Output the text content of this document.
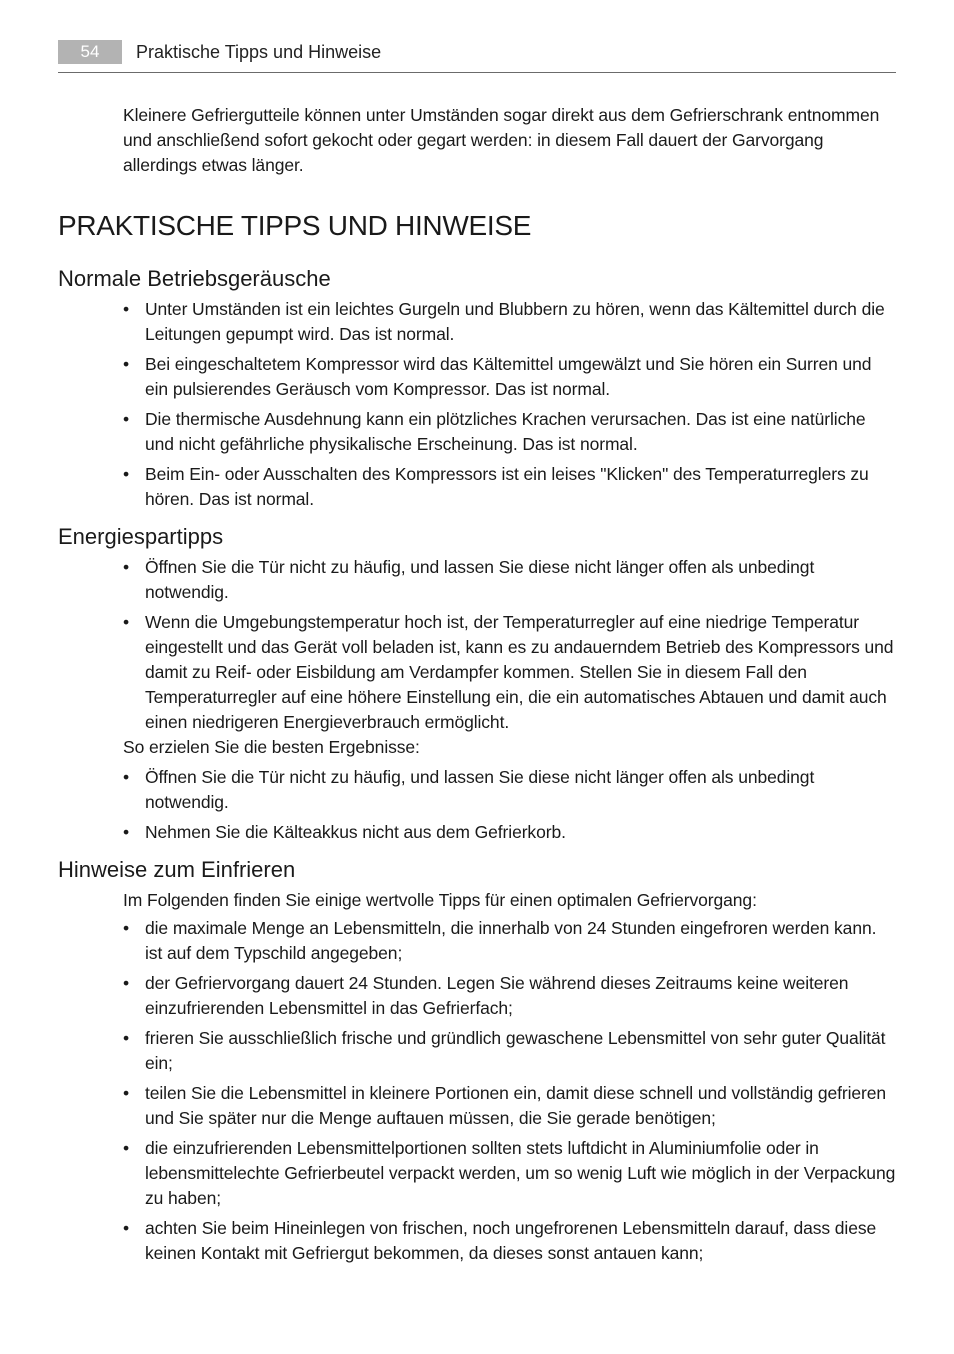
54	Praktische Tipps und Hinweise

Kleinere Gefriergutteile können unter Umständen sogar direkt aus dem Gefrierschrank entnommen und anschließend sofort gekocht oder gegart werden: in diesem Fall dauert der Garvorgang allerdings etwas länger.

PRAKTISCHE TIPPS UND HINWEISE
Normale Betriebsgeräusche
• Unter Umständen ist ein leichtes Gurgeln und Blubbern zu hören, wenn das Kältemittel durch die Leitungen gepumpt wird. Das ist normal.
• Bei eingeschaltetem Kompressor wird das Kältemittel umgewälzt und Sie hören ein Surren und ein pulsierendes Geräusch vom Kompressor. Das ist normal.
• Die thermische Ausdehnung kann ein plötzliches Krachen verursachen. Das ist eine natürliche und nicht gefährliche physikalische Erscheinung. Das ist normal.
• Beim Ein- oder Ausschalten des Kompressors ist ein leises "Klicken" des Temperaturreglers zu hören. Das ist normal.
Energiespartipps
• Öffnen Sie die Tür nicht zu häufig, und lassen Sie diese nicht länger offen als unbedingt notwendig.
• Wenn die Umgebungstemperatur hoch ist, der Temperaturregler auf eine niedrige Temperatur eingestellt und das Gerät voll beladen ist, kann es zu andauerndem Betrieb des Kompressors und damit zu Reif- oder Eisbildung am Verdampfer kommen. Stellen Sie in diesem Fall den Temperaturregler auf eine höhere Einstellung ein, die ein automatisches Abtauen und damit auch einen niedrigeren Energieverbrauch ermöglicht.

So erzielen Sie die besten Ergebnisse:

• Öffnen Sie die Tür nicht zu häufig, und lassen Sie diese nicht länger offen als unbedingt notwendig.
• Nehmen Sie die Kälteakkus nicht aus dem Gefrierkorb.
Hinweise zum Einfrieren

Im Folgenden finden Sie einige wertvolle Tipps für einen optimalen Gefriervorgang:

• die maximale Menge an Lebensmitteln, die innerhalb von 24 Stunden eingefroren werden kann. ist auf dem Typschild angegeben;
• der Gefriervorgang dauert 24 Stunden. Legen Sie während dieses Zeitraums keine weiteren einzufrierenden Lebensmittel in das Gefrierfach;
• frieren Sie ausschließlich frische und gründlich gewaschene Lebensmittel von sehr guter Qualität ein;
• teilen Sie die Lebensmittel in kleinere Portionen ein, damit diese schnell und vollständig gefrieren und Sie später nur die Menge auftauen müssen, die Sie gerade benötigen;
• die einzufrierenden Lebensmittelportionen sollten stets luftdicht in Aluminiumfolie oder in lebensmittelechte Gefrierbeutel verpackt werden, um so wenig Luft wie möglich in der Verpackung zu haben;
• achten Sie beim Hineinlegen von frischen, noch ungefrorenen Lebensmitteln darauf, dass diese keinen Kontakt mit Gefriergut bekommen, da dieses sonst antauen kann;
